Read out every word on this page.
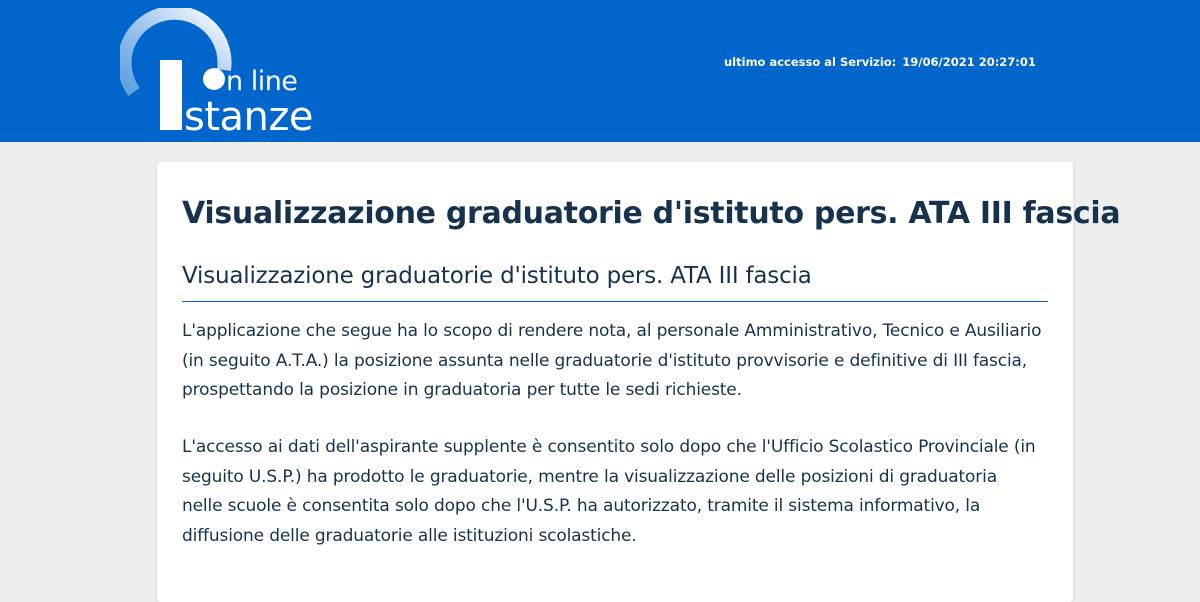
n line
stanze
ultimo accesso al Servizio: 19/06/2021 20:27:01
Visualizzazione graduatorie d'istituto pers. ATA III fascia
Visualizzazione graduatorie d'istituto pers. ATA III fascia

L'applicazione che segue ha lo scopo di rendere nota, al personale Amministrativo, Tecnico e Ausiliario
(in seguito A.T.A.) la posizione assunta nelle graduatorie d'istituto provvisorie e definitive di III fascia,
prospettando la posizione in graduatoria per tutte le sedi richieste.

L'accesso ai dati dell'aspirante supplente è consentito solo dopo che l'Ufficio Scolastico Provinciale (in
seguito U.S.P.) ha prodotto le graduatorie, mentre la visualizzazione delle posizioni di graduatoria
nelle scuole è consentita solo dopo che l'U.S.P. ha autorizzato, tramite il sistema informativo, la
diffusione delle graduatorie alle istituzioni scolastiche.
